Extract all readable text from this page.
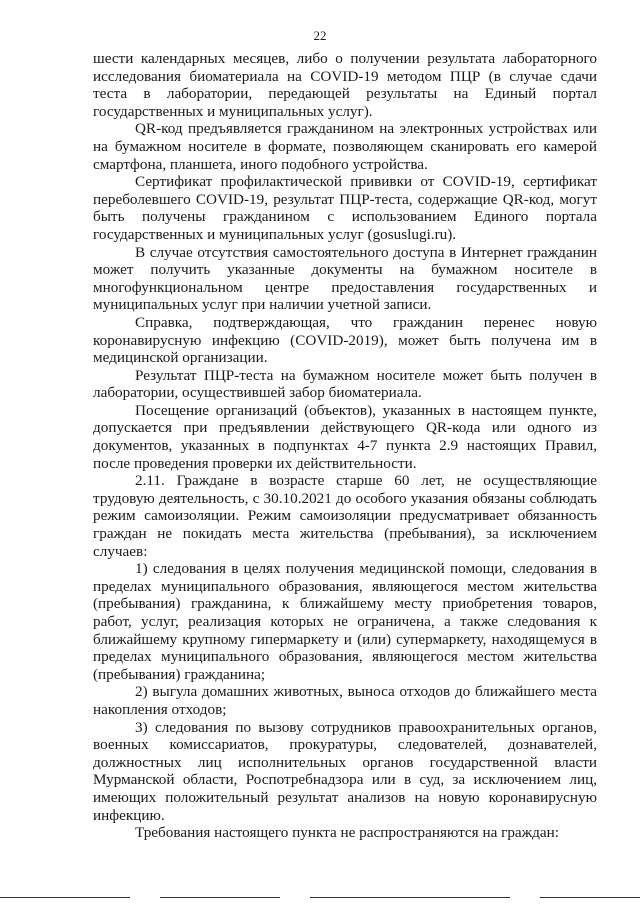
22

шести календарных месяцев, либо о получении результата лабораторного исследования биоматериала на COVID-19 методом ПЦР (в случае сдачи теста в лаборатории, передающей результаты на Единый портал государственных и муниципальных услуг).

QR-код предъявляется гражданином на электронных устройствах или на бумажном носителе в формате, позволяющем сканировать его камерой смартфона, планшета, иного подобного устройства.

Сертификат профилактической прививки от COVID-19, сертификат переболевшего COVID-19, результат ПЦР-теста, содержащие QR-код, могут быть получены гражданином с использованием Единого портала государственных и муниципальных услуг (gosuslugi.ru).

В случае отсутствия самостоятельного доступа в Интернет гражданин может получить указанные документы на бумажном носителе в многофункциональном центре предоставления государственных и муниципальных услуг при наличии учетной записи.

Справка, подтверждающая, что гражданин перенес новую коронавирусную инфекцию (COVID-2019), может быть получена им в медицинской организации.

Результат ПЦР-теста на бумажном носителе может быть получен в лаборатории, осуществившей забор биоматериала.

Посещение организаций (объектов), указанных в настоящем пункте, допускается при предъявлении действующего QR-кода или одного из документов, указанных в подпунктах 4-7 пункта 2.9 настоящих Правил, после проведения проверки их действительности.

2.11. Граждане в возрасте старше 60 лет, не осуществляющие трудовую деятельность, с 30.10.2021 до особого указания обязаны соблюдать режим самоизоляции. Режим самоизоляции предусматривает обязанность граждан не покидать места жительства (пребывания), за исключением случаев:

1) следования в целях получения медицинской помощи, следования в пределах муниципального образования, являющегося местом жительства (пребывания) гражданина, к ближайшему месту приобретения товаров, работ, услуг, реализация которых не ограничена, а также следования к ближайшему крупному гипермаркету и (или) супермаркету, находящемуся в пределах муниципального образования, являющегося местом жительства (пребывания) гражданина;

2) выгула домашних животных, выноса отходов до ближайшего места накопления отходов;

3) следования по вызову сотрудников правоохранительных органов, военных комиссариатов, прокуратуры, следователей, дознавателей, должностных лиц исполнительных органов государственной власти Мурманской области, Роспотребнадзора или в суд, за исключением лиц, имеющих положительный результат анализов на новую коронавирусную инфекцию.

Требования настоящего пункта не распространяются на граждан:
